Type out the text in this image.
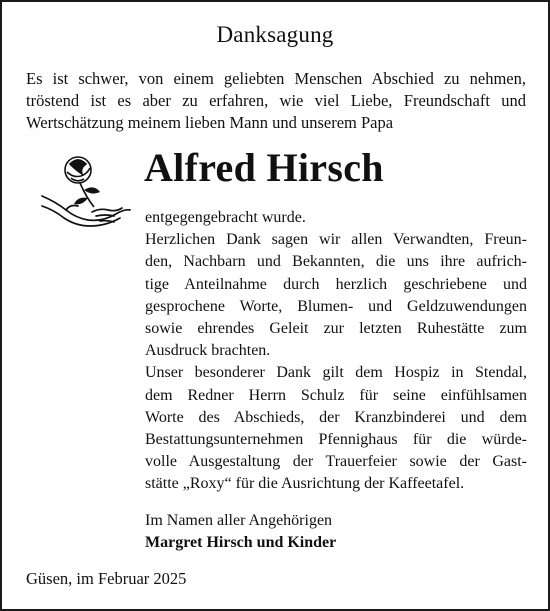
Danksagung
Es ist schwer, von einem geliebten Menschen Abschied zu nehmen,
tröstend ist es aber zu erfahren, wie viel Liebe, Freundschaft und
Wertschätzung meinem lieben Mann und unserem Papa
Alfred Hirsch
entgegengebracht wurde.
Herzlichen Dank sagen wir allen Verwandten, Freun-
den, Nachbarn und Bekannten, die uns ihre aufrich-
tige Anteilnahme durch herzlich geschriebene und
gesprochene Worte, Blumen- und Geldzuwendungen
sowie ehrendes Geleit zur letzten Ruhestätte zum
Ausdruck brachten.
Unser besonderer Dank gilt dem Hospiz in Stendal,
dem Redner Herrn Schulz für seine einfühlsamen
Worte des Abschieds, der Kranzbinderei und dem
Bestattungsunternehmen Pfennighaus für die würde-
volle Ausgestaltung der Trauerfeier sowie der Gast-
stätte „Roxy“ für die Ausrichtung der Kaffeetafel.
Im Namen aller Angehörigen
Margret Hirsch und Kinder
Güsen, im Februar 2025
